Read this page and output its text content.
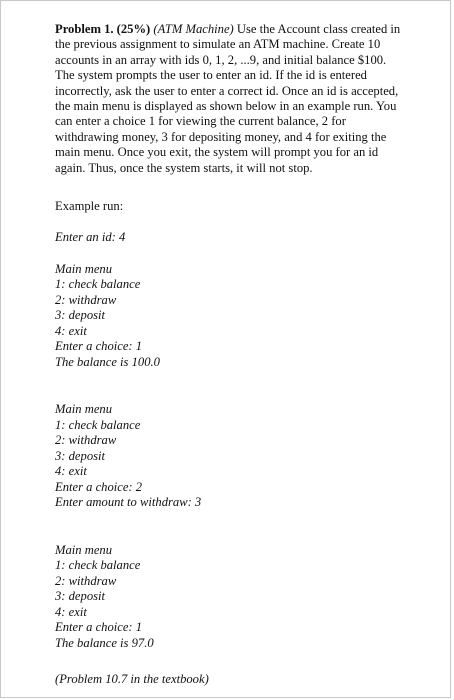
Problem 1. (25%) (ATM Machine) Use the Account class created in the previous assignment to simulate an ATM machine. Create 10 accounts in an array with ids 0, 1, 2, ...9, and initial balance $100. The system prompts the user to enter an id. If the id is entered incorrectly, ask the user to enter a correct id. Once an id is accepted, the main menu is displayed as shown below in an example run. You can enter a choice 1 for viewing the current balance, 2 for withdrawing money, 3 for depositing money, and 4 for exiting the main menu. Once you exit, the system will prompt you for an id again. Thus, once the system starts, it will not stop.

Example run:

Enter an id: 4
Main menu
1: check balance
2: withdraw
3: deposit
4: exit
Enter a choice: 1
The balance is 100.0
Main menu
1: check balance
2: withdraw
3: deposit
4: exit
Enter a choice: 2
Enter amount to withdraw: 3
Main menu
1: check balance
2: withdraw
3: deposit
4: exit
Enter a choice: 1
The balance is 97.0
(Problem 10.7 in the textbook)
